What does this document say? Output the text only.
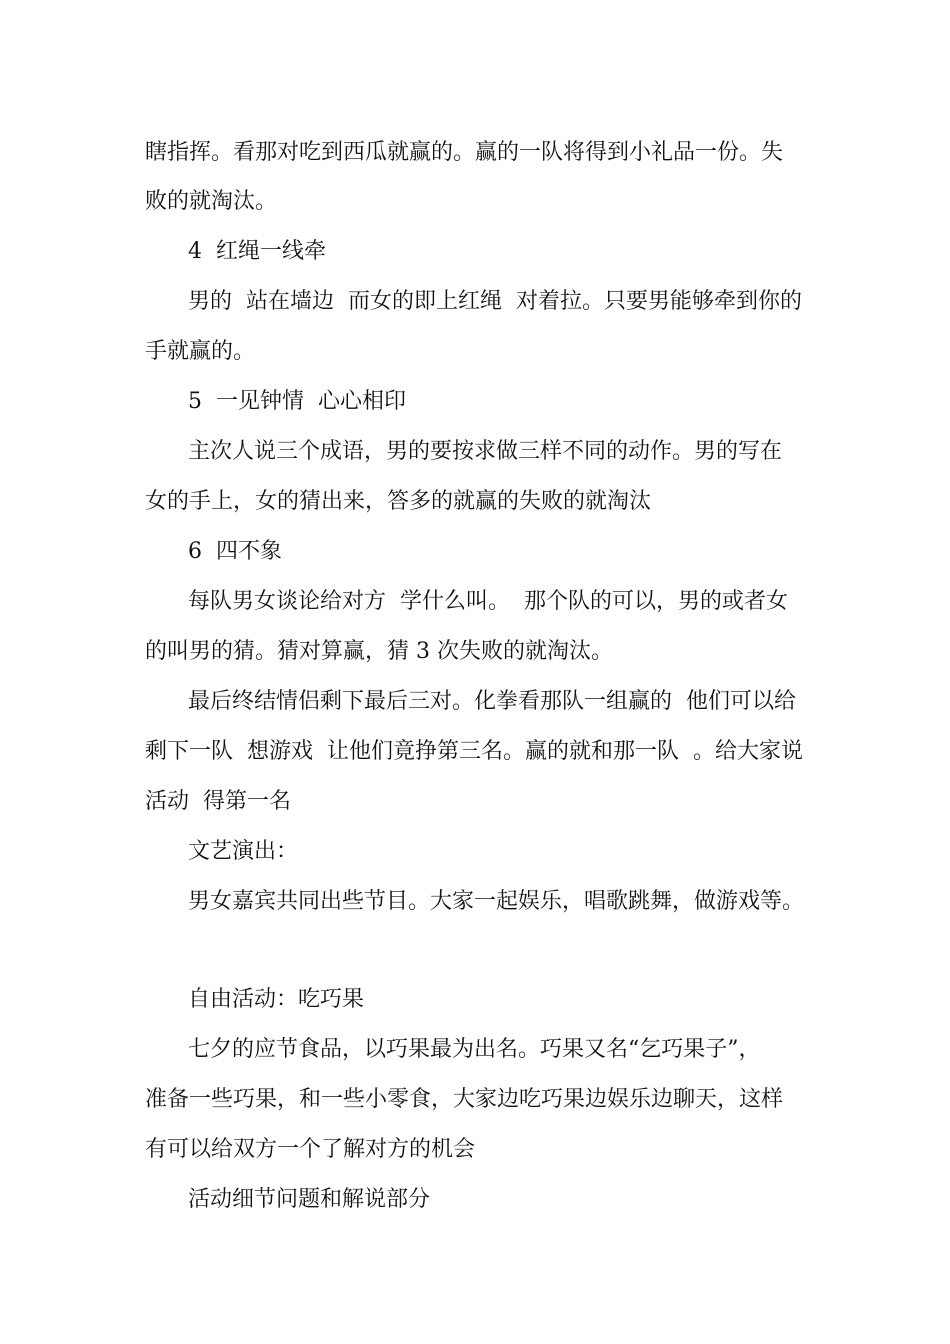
瞎指挥。看那对吃到西瓜就赢的。赢的一队将得到小礼品一份。失
败的就淘汰。
4  红绳一线牵
男的  站在墙边  而女的即上红绳  对着拉。只要男能够牵到你的
手就赢的。
5  一见钟情  心心相印
主次人说三个成语，男的要按求做三样不同的动作。男的写在
女的手上，女的猜出来，答多的就赢的失败的就淘汰
6  四不象
每队男女谈论给对方  学什么叫。  那个队的可以，男的或者女
的叫男的猜。猜对算赢，猜 3 次失败的就淘汰。
最后终结情侣剩下最后三对。化拳看那队一组赢的  他们可以给
剩下一队  想游戏  让他们竟挣第三名。赢的就和那一队  。给大家说
活动  得第一名
文艺演出：
男女嘉宾共同出些节目。大家一起娱乐，唱歌跳舞，做游戏等。
自由活动：吃巧果
七夕的应节食品，以巧果最为出名。巧果又名“乞巧果子”，
准备一些巧果，和一些小零食，大家边吃巧果边娱乐边聊天，这样
有可以给双方一个了解对方的机会
活动细节问题和解说部分
